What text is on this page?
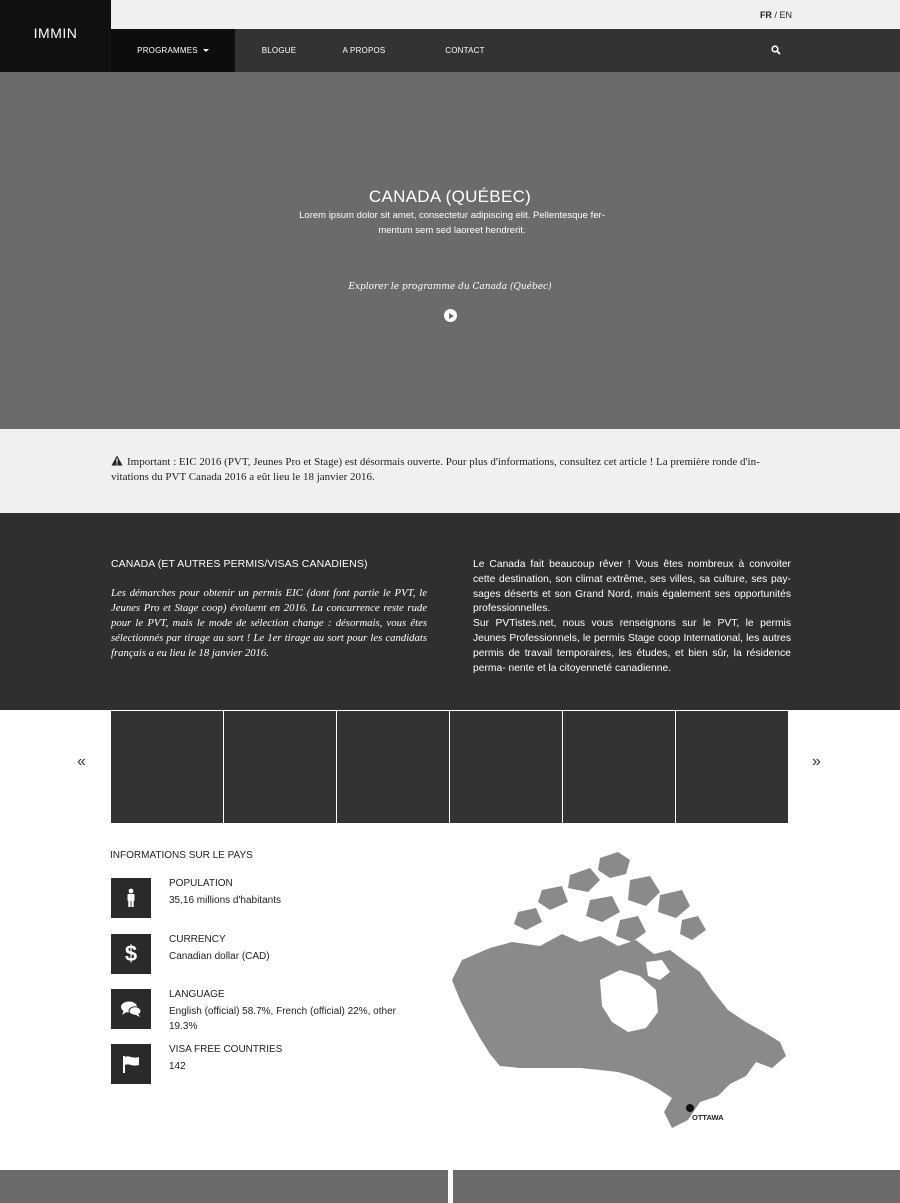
IMMIN
FR / EN
PROGRAMMES	BLOGUE	A PROPOS	CONTACT
CANADA (QUÉBEC)
Lorem ipsum dolor sit amet, consectetur adipiscing elit. Pellentesque fer- mentum sem sed laoreet hendrerit.
Explorer le programme du Canada (Québec)
Important : EIC 2016 (PVT, Jeunes Pro et Stage) est désormais ouverte. Pour plus d'informations, consultez cet article ! La première ronde d'in- vitations du PVT Canada 2016 a eût lieu le 18 janvier 2016.
CANADA (ET AUTRES PERMIS/VISAS CANADIENS)
Les démarches pour obtenir un permis EIC (dont font partie le PVT, le Jeunes Pro et Stage coop) évoluent en 2016. La concurrence reste rude pour le PVT, mais le mode de sélection change : désormais, vous êtes sélectionnés par tirage au sort ! Le 1er tirage au sort pour les candidats français a eu lieu le 18 janvier 2016.
Le Canada fait beaucoup rêver ! Vous êtes nombreux à convoiter cette destination, son climat extrême, ses villes, sa culture, ses pay- sages déserts et son Grand Nord, mais également ses opportunités professionnelles.
Sur PVTistes.net, nous vous renseignons sur le PVT, le permis Jeunes Professionnels, le permis Stage coop International, les autres permis de travail temporaires, les études, et bien sûr, la résidence perma- nente et la citoyenneté canadienne.
«	»
INFORMATIONS SUR LE PAYS
POPULATION
35,16 millions d'habitants
$
CURRENCY
Canadian dollar (CAD)
LANGUAGE
English (official) 58.7%, French (official) 22%, other 19.3%
VISA FREE COUNTRIES
142
OTTAWA
